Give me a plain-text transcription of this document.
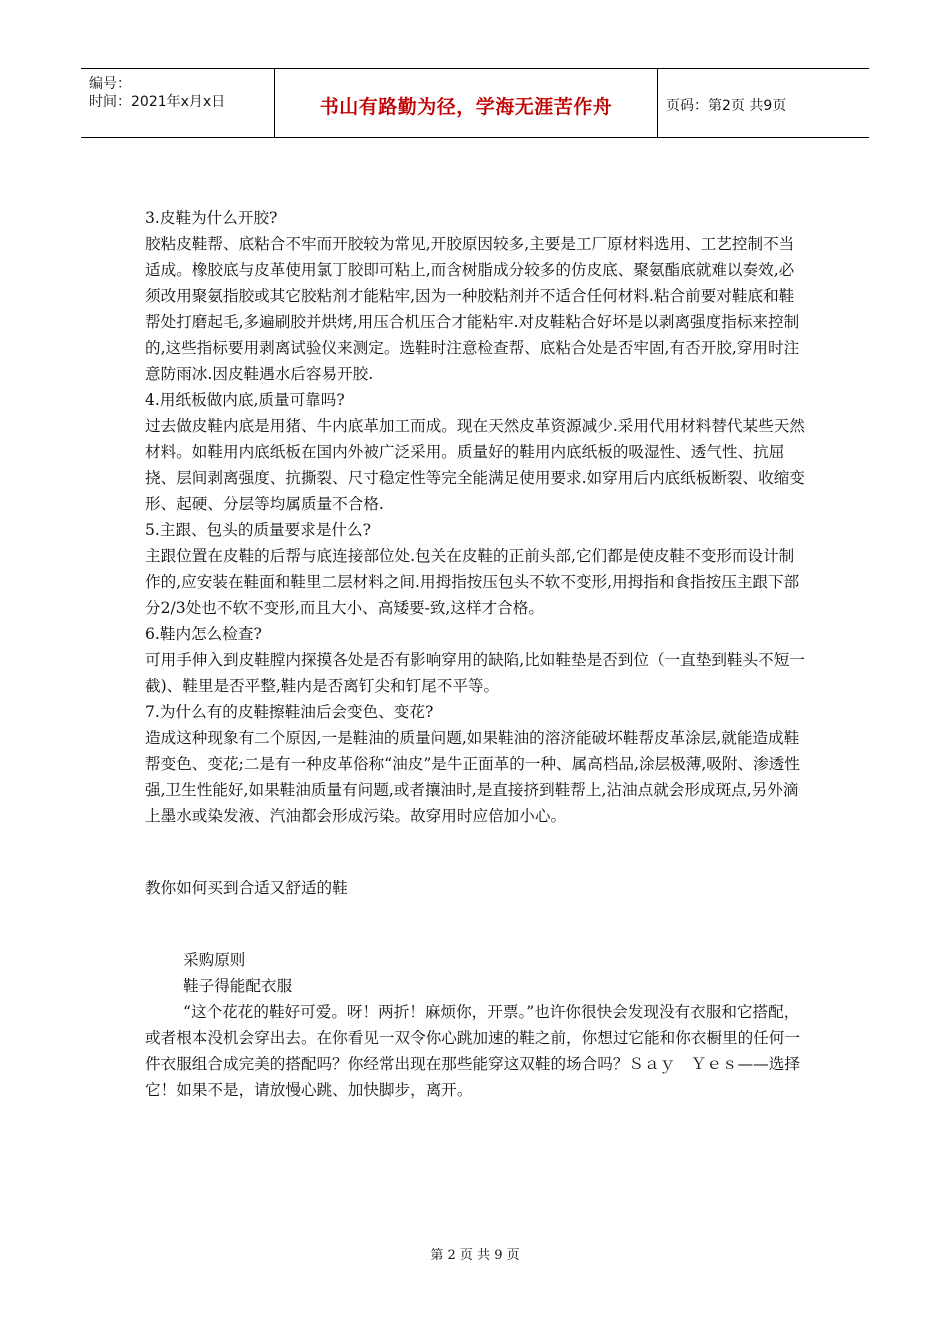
编号：
时间：2021年x月x日	书山有路勤为径，学海无涯苦作舟	页码：第2页 共9页

3.皮鞋为什么开胶?

胶粘皮鞋帮、底粘合不牢而开胶较为常见,开胶原因较多,主要是工厂原材料选用、工艺控制不当适成。橡胶底与皮革使用氯丁胶即可粘上,而含树脂成分较多的仿皮底、聚氨酯底就难以奏效,必须改用聚氨指胶或其它胶粘剂才能粘牢,因为一种胶粘剂并不适合任何材料.粘合前要对鞋底和鞋帮处打磨起毛,多遍刷胶并烘烤,用压合机压合才能粘牢.对皮鞋粘合好坏是以剥离强度指标来控制的,这些指标要用剥离试验仪来测定。选鞋时注意检查帮、底粘合处是否牢固,有否开胶,穿用时注意防雨冰.因皮鞋遇水后容易开胶.

4.用纸板做内底,质量可靠吗?

过去做皮鞋内底是用猪、牛内底革加工而成。现在天然皮革资源减少.采用代用材料替代某些天然材料。如鞋用内底纸板在国内外被广泛采用。质量好的鞋用内底纸板的吸湿性、透气性、抗屈挠、层间剥离强度、抗撕裂、尺寸稳定性等完全能满足使用要求.如穿用后内底纸板断裂、收缩变形、起硬、分层等均属质量不合格.

5.主跟、包头的质量要求是什么?

主跟位置在皮鞋的后帮与底连接部位处.包关在皮鞋的正前头部,它们都是使皮鞋不变形而设计制作的,应安装在鞋面和鞋里二层材料之间.用拇指按压包头不软不变形,用拇指和食指按压主跟下部分2/3处也不软不变形,而且大小、高矮要-致,这样才合格。

6.鞋内怎么检查?

可用手伸入到皮鞋膛内探摸各处是否有影响穿用的缺陷,比如鞋垫是否到位（一直垫到鞋头不短一截)、鞋里是否平整,鞋内是否离钉尖和钉尾不平等。

7.为什么有的皮鞋擦鞋油后会变色、变花?

造成这种现象有二个原因,一是鞋油的质量问题,如果鞋油的溶济能破坏鞋帮皮革涂层,就能造成鞋帮变色、变花;二是有一种皮革俗称“油皮”是牛正面革的一种、属高档品,涂层极薄,吸附、渗透性强,卫生性能好,如果鞋油质量有问题,或者攘油时,是直接挤到鞋帮上,沾油点就会形成斑点,另外滴上墨水或染发液、汽油都会形成污染。故穿用时应倍加小心。

教你如何买到合适又舒适的鞋

采购原则

鞋子得能配衣服

“这个花花的鞋好可爱。呀！两折！麻烦你，开票。”也许你很快会发现没有衣服和它搭配，或者根本没机会穿出去。在你看见一双令你心跳加速的鞋之前，你想过它能和你衣橱里的任何一件衣服组合成完美的搭配吗？你经常出现在那些能穿这双鞋的场合吗？Ｓａｙ　Ｙｅｓ——选择它！如果不是，请放慢心跳、加快脚步，离开。

第 2 页 共 9 页
